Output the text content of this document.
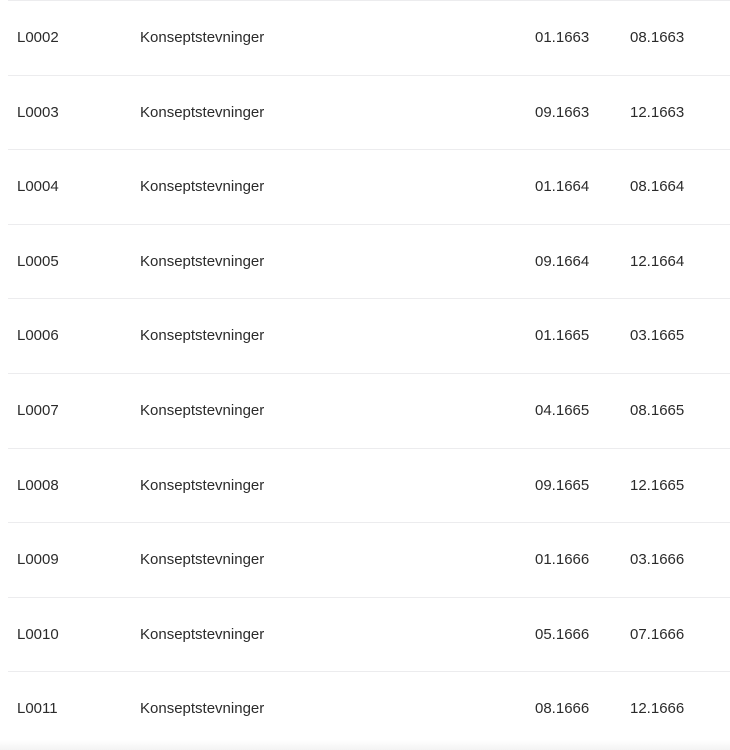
L0002	Konseptstevninger	01.1663	08.1663
L0003	Konseptstevninger	09.1663	12.1663
L0004	Konseptstevninger	01.1664	08.1664
L0005	Konseptstevninger	09.1664	12.1664
L0006	Konseptstevninger	01.1665	03.1665
L0007	Konseptstevninger	04.1665	08.1665
L0008	Konseptstevninger	09.1665	12.1665
L0009	Konseptstevninger	01.1666	03.1666
L0010	Konseptstevninger	05.1666	07.1666
L0011	Konseptstevninger	08.1666	12.1666
